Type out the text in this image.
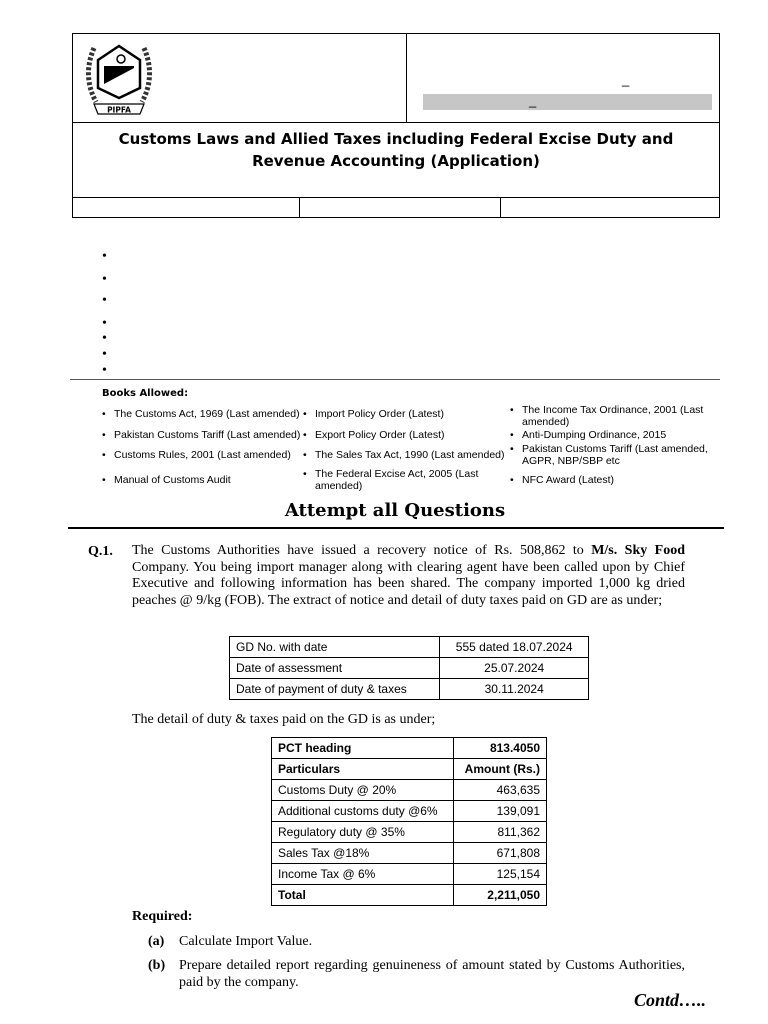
PIPFA
_
_
Customs Laws and Allied Taxes including Federal Excise Duty and
Revenue Accounting (Application)
•
•
•
•
•
•
•
Books Allowed:
• The Customs Act, 1969 (Last amended)
• Pakistan Customs Tariff (Last amended)
• Customs Rules, 2001 (Last amended)
• Manual of Customs Audit
• Import Policy Order (Latest)
• Export Policy Order (Latest)
• The Sales Tax Act, 1990 (Last amended)
• The Federal Excise Act, 2005 (Last
amended)
• The Income Tax Ordinance, 2001 (Last
amended)
• Anti-Dumping Ordinance, 2015
• Pakistan Customs Tariff (Last amended,
AGPR, NBP/SBP etc
• NFC Award (Latest)
Attempt all Questions
Q.1. The Customs Authorities have issued a recovery notice of Rs. 508,862 to M/s. Sky Food Company. You being import manager along with clearing agent have been called upon by Chief Executive and following information has been shared. The company imported 1,000 kg dried peaches @ 9/kg (FOB). The extract of notice and detail of duty taxes paid on GD are as under;
GD No. with date	555 dated 18.07.2024
Date of assessment	25.07.2024
Date of payment of duty & taxes	30.11.2024
The detail of duty & taxes paid on the GD is as under;
PCT heading	813.4050
Particulars	Amount (Rs.)
Customs Duty @ 20%	463,635
Additional customs duty @6%	139,091
Regulatory duty @ 35%	811,362
Sales Tax @18%	671,808
Income Tax @ 6%	125,154
Total	2,211,050
Required:
(a) Calculate Import Value.
(b) Prepare detailed report regarding genuineness of amount stated by Customs Authorities, paid by the company.
Contd…..
